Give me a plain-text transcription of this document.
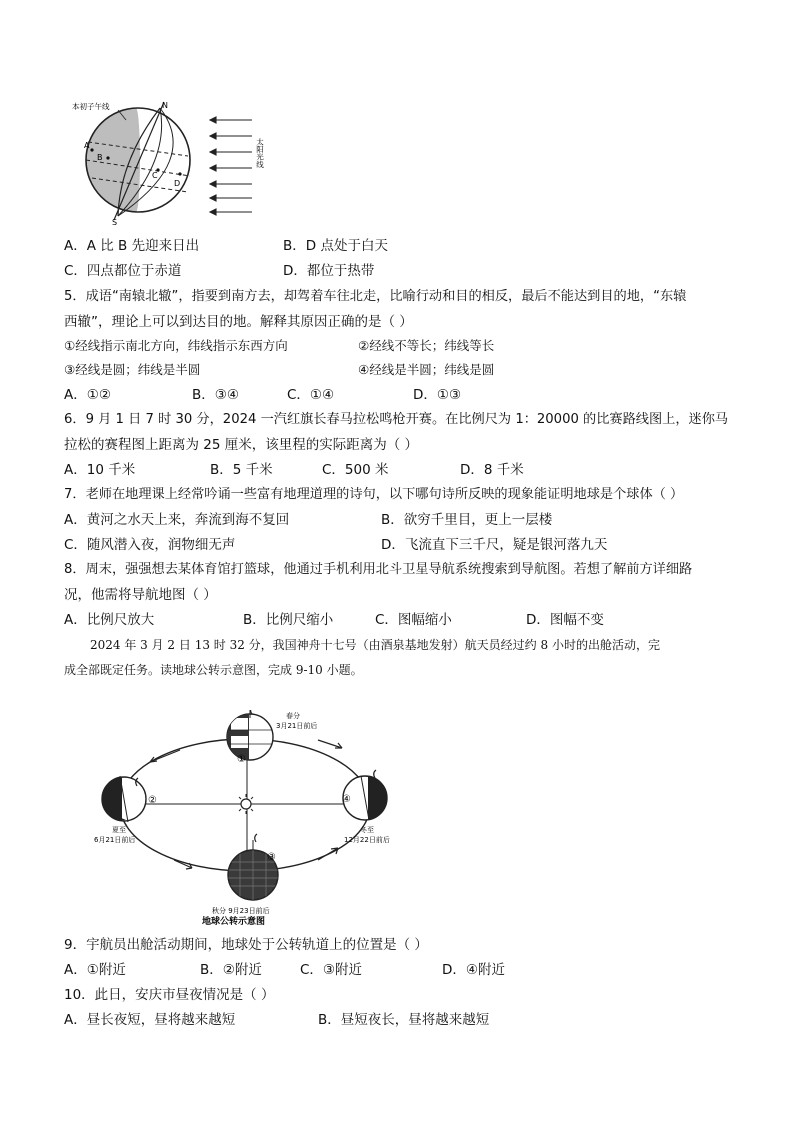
本初子午线	N
S
A
B
C
D
太阳光线
A．A 比 B 先迎来日出	B．D 点处于白天
C．四点都位于赤道	D．都位于热带
5．成语“南辕北辙”，指要到南方去，却驾着车往北走，比喻行动和目的相反，最后不能达到目的地，“东辕
西辙”，理论上可以到达目的地。解释其原因正确的是（ ）
①经线指示南北方向，纬线指示东西方向	②经线不等长；纬线等长
③经线是圆；纬线是半圆	④经线是半圆；纬线是圆
A．①②	B．③④	C．①④	D．①③
6．9 月 1 日 7 时 30 分，2024 一汽红旗长春马拉松鸣枪开赛。在比例尺为 1：20000 的比赛路线图上，迷你马
拉松的赛程图上距离为 25 厘米，该里程的实际距离为（ ）
A．10 千米	B．5 千米	C．500 米	D．8 千米
7．老师在地理课上经常吟诵一些富有地理道理的诗句，以下哪句诗所反映的现象能证明地球是个球体（ ）
A．黄河之水天上来，奔流到海不复回	B．欲穷千里目，更上一层楼
C．随风潜入夜，润物细无声	D．飞流直下三千尺，疑是银河落九天
8．周末，强强想去某体育馆打篮球，他通过手机利用北斗卫星导航系统搜索到导航图。若想了解前方详细路
况，他需将导航地图（ ）
A．比例尺放大	B．比例尺缩小	C．图幅缩小	D．图幅不变
2024 年 3 月 2 日 13 时 32 分，我国神舟十七号（由酒泉基地发射）航天员经过约 8 小时的出舱活动，完
成全部既定任务。读地球公转示意图，完成 9-10 小题。
①
春分
3月21日前后
②
夏至
6月21日前后
③
秋分 9月23日前后
地球公转示意图
④
冬至
12月22日前后
9．宇航员出舱活动期间，地球处于公转轨道上的位置是（ ）
A．①附近	B．②附近	C．③附近	D．④附近
10．此日，安庆市昼夜情况是（ ）
A．昼长夜短，昼将越来越短	B．昼短夜长，昼将越来越短
